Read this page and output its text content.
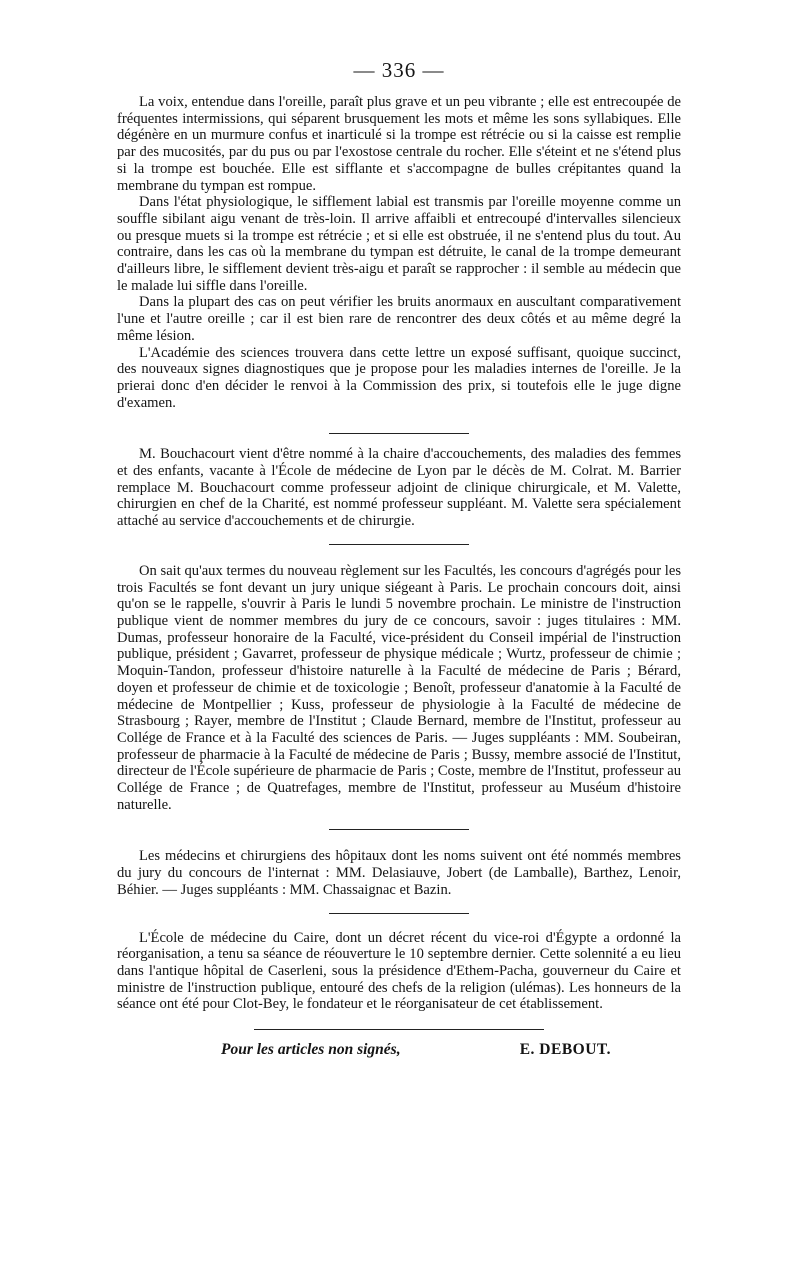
— 336 —

La voix, entendue dans l'oreille, paraît plus grave et un peu vibrante ; elle est entrecoupée de fréquentes intermissions, qui séparent brusquement les mots et même les sons syllabiques. Elle dégénère en un murmure confus et inarticulé si la trompe est rétrécie ou si la caisse est remplie par des mucosités, par du pus ou par l'exostose centrale du rocher. Elle s'éteint et ne s'étend plus si la trompe est bouchée. Elle est sifflante et s'accompagne de bulles crépitantes quand la membrane du tympan est rompue.

Dans l'état physiologique, le sifflement labial est transmis par l'oreille moyenne comme un souffle sibilant aigu venant de très-loin. Il arrive affaibli et entrecoupé d'intervalles silencieux ou presque muets si la trompe est rétrécie ; et si elle est obstruée, il ne s'entend plus du tout. Au contraire, dans les cas où la membrane du tympan est détruite, le canal de la trompe demeurant d'ailleurs libre, le sifflement devient très-aigu et paraît se rapprocher : il semble au médecin que le malade lui siffle dans l'oreille.

Dans la plupart des cas on peut vérifier les bruits anormaux en auscultant comparativement l'une et l'autre oreille ; car il est bien rare de rencontrer des deux côtés et au même degré la même lésion.

L'Académie des sciences trouvera dans cette lettre un exposé suffisant, quoique succinct, des nouveaux signes diagnostiques que je propose pour les maladies internes de l'oreille. Je la prierai donc d'en décider le renvoi à la Commission des prix, si toutefois elle le juge digne d'examen.

M. Bouchacourt vient d'être nommé à la chaire d'accouchements, des maladies des femmes et des enfants, vacante à l'École de médecine de Lyon par le décès de M. Colrat. M. Barrier remplace M. Bouchacourt comme professeur adjoint de clinique chirurgicale, et M. Valette, chirurgien en chef de la Charité, est nommé professeur suppléant. M. Valette sera spécialement attaché au service d'accouchements et de chirurgie.

On sait qu'aux termes du nouveau règlement sur les Facultés, les concours d'agrégés pour les trois Facultés se font devant un jury unique siégeant à Paris. Le prochain concours doit, ainsi qu'on se le rappelle, s'ouvrir à Paris le lundi 5 novembre prochain. Le ministre de l'instruction publique vient de nommer membres du jury de ce concours, savoir : juges titulaires : MM. Dumas, professeur honoraire de la Faculté, vice-président du Conseil impérial de l'instruction publique, président ; Gavarret, professeur de physique médicale ; Wurtz, professeur de chimie ; Moquin-Tandon, professeur d'histoire naturelle à la Faculté de médecine de Paris ; Bérard, doyen et professeur de chimie et de toxicologie ; Benoît, professeur d'anatomie à la Faculté de médecine de Montpellier ; Kuss, professeur de physiologie à la Faculté de médecine de Strasbourg ; Rayer, membre de l'Institut ; Claude Bernard, membre de l'Institut, professeur au Collége de France et à la Faculté des sciences de Paris. — Juges suppléants : MM. Soubeiran, professeur de pharmacie à la Faculté de médecine de Paris ; Bussy, membre associé de l'Institut, directeur de l'École supérieure de pharmacie de Paris ; Coste, membre de l'Institut, professeur au Collége de France ; de Quatrefages, membre de l'Institut, professeur au Muséum d'histoire naturelle.

Les médecins et chirurgiens des hôpitaux dont les noms suivent ont été nommés membres du jury du concours de l'internat : MM. Delasiauve, Jobert (de Lamballe), Barthez, Lenoir, Béhier. — Juges suppléants : MM. Chassaignac et Bazin.

L'École de médecine du Caire, dont un décret récent du vice-roi d'Égypte a ordonné la réorganisation, a tenu sa séance de réouverture le 10 septembre dernier. Cette solennité a eu lieu dans l'antique hôpital de Caserleni, sous la présidence d'Ethem-Pacha, gouverneur du Caire et ministre de l'instruction publique, entouré des chefs de la religion (ulémas). Les honneurs de la séance ont été pour Clot-Bey, le fondateur et le réorganisateur de cet établissement.

Pour les articles non signés,	E. DEBOUT.
